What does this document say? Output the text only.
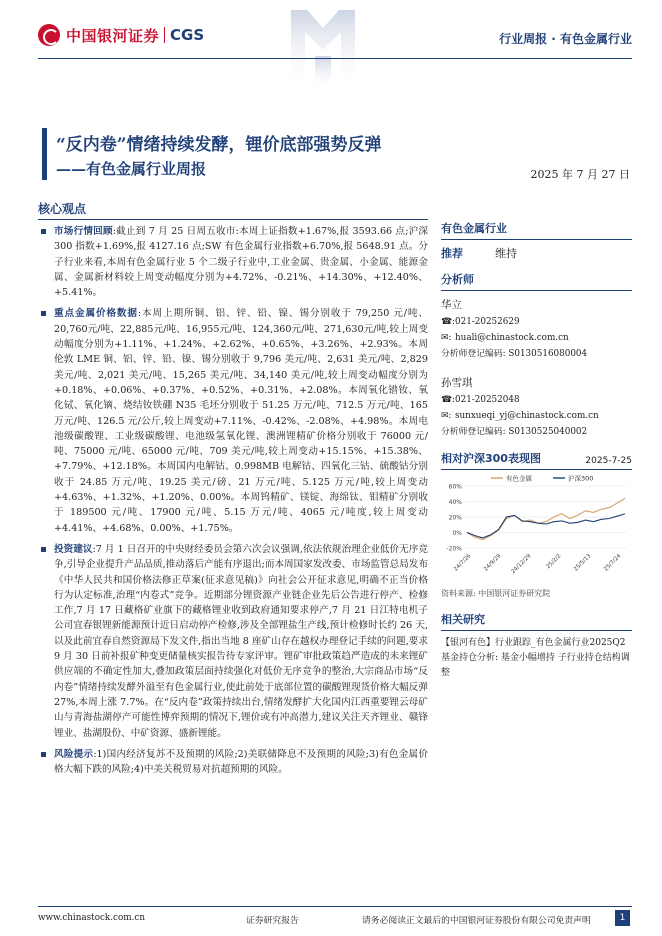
中国银河证券 CGS	行业周报 · 有色金属行业
“反内卷”情绪持续发酵，锂价底部强势反弹
——有色金属行业周报	2025 年 7 月 27 日
核心观点

市场行情回顾:截止到 7 月 25 日周五收市:本周上证指数+1.67%,报 3593.66 点;沪深 300 指数+1.69%,报 4127.16 点;SW 有色金属行业指数+6.70%,报 5648.91 点。分子行业来看,本周有色金属行业 5 个二级子行业中,工业金属、贵金属、小金属、能源金属、金属新材料较上周变动幅度分别为+4.72%、-0.21%、+14.30%、+12.40%、+5.41%。

重点金属价格数据:本周上期所铜、铝、锌、铅、镍、锡分别收于 79,250 元/吨、20,760元/吨、22,885元/吨、16,955元/吨、124,360元/吨、271,630元/吨,较上周变动幅度分别为+1.11%、+1.24%、+2.62%、+0.65%、+3.26%、+2.93%。本周伦敦 LME 铜、铝、锌、铅、镍、锡分别收于 9,796 美元/吨、2,631 美元/吨、2,829 美元/吨、2,021 美元/吨、15,265 美元/吨、34,140 美元/吨,较上周变动幅度分别为+0.18%、+0.06%、+0.37%、+0.52%、+0.31%、+2.08%。本周氧化镨钕、氧化铽、氧化镝、烧结钕铁硼 N35 毛坯分别收于 51.25 万元/吨、712.5 万元/吨、165 万元/吨、126.5 元/公斤,较上周变动+7.11%、-0.42%、-2.08%、+4.98%。本周电池级碳酸锂、工业级碳酸锂、电池级氢氧化锂、澳洲锂精矿价格分别收于 76000 元/吨、75000 元/吨、65000 元/吨、709 美元/吨,较上周变动+15.15%、+15.38%、+7.79%、+12.18%。本周国内电解钴、0.998MB 电解钴、四氧化三钴、硫酸钴分别收于 24.85 万元/吨、19.25 美元/磅、21 万元/吨、5.125 万元/吨,较上周变动+4.63%、+1.32%、+1.20%、0.00%。本周钨精矿、镁锭、海绵钛、钼精矿分别收于 189500 元/吨、17900 元/吨、5.15 万元/吨、4065 元/吨度,较上周变动+4.41%、+4.68%、0.00%、+1.75%。

投资建议:7 月 1 日召开的中央财经委员会第六次会议强调,依法依规治理企业低价无序竞争,引导企业提升产品品质,推动落后产能有序退出;而本周国家发改委、市场监管总局发布《中华人民共和国价格法修正草案(征求意见稿)》向社会公开征求意见,明确不正当价格行为认定标准,治理“内卷式”竞争。近期部分锂资源产业链企业先后公告进行停产、检修工作,7 月 17 日藏格矿业旗下的藏格锂业收到政府通知要求停产,7 月 21 日江特电机子公司宜春银锂新能源预计近日启动停产检修,涉及全部锂盐生产线,预计检修时长约 26 天,以及此前宜春自然资源局下发文件,指出当地 8 座矿山存在越权办理登记手续的问题,要求 9 月 30 日前补报矿种变更储量核实报告待专家评审。锂矿审批政策趋严造成的未来锂矿供应端的不确定性加大,叠加政策层面持续强化对低价无序竞争的整治,大宗商品市场“反内卷”情绪持续发酵外溢至有色金属行业,使此前处于底部位置的碳酸锂现货价格大幅反弹 27%,本周上涨 7.7%。在“反内卷”政策持续出台,情绪发酵扩大化国内江西重要锂云母矿山与青海盐湖停产可能性博弈预期的情况下,锂价或有冲高潜力,建议关注天齐锂业、赣锋锂业、盐湖股份、中矿资源、盛新锂能。

风险提示:1)国内经济复苏不及预期的风险;2)美联储降息不及预期的风险;3)有色金属价格大幅下跌的风险;4)中美关税贸易对抗超预期的风险。

有色金属行业
推荐	维持
分析师
华立
☎:021-20252629
✉: huali@chinastock.com.cn
分析师登记编码: S0130516080004
孙雪琪
☎:021-20252048
✉: sunxueqi_yj@chinastock.com.cn
分析师登记编码: S0130525040002
相对沪深300表现图	2025-7-25
60%
40%
20%
0%
-20%
24/7/26 24/9/29 24/12/29 25/2/2 25/5/13 25/7/24
有色金属	沪深300
资料来源: 中国银河证券研究院
相关研究
【银河有色】行业跟踪_有色金属行业2025Q2 基金持仓分析: 基金小幅增持 子行业持仓结构调整
www.chinastock.com.cn	证券研究报告	请务必阅读正文最后的中国银河证券股份有限公司免责声明	1
